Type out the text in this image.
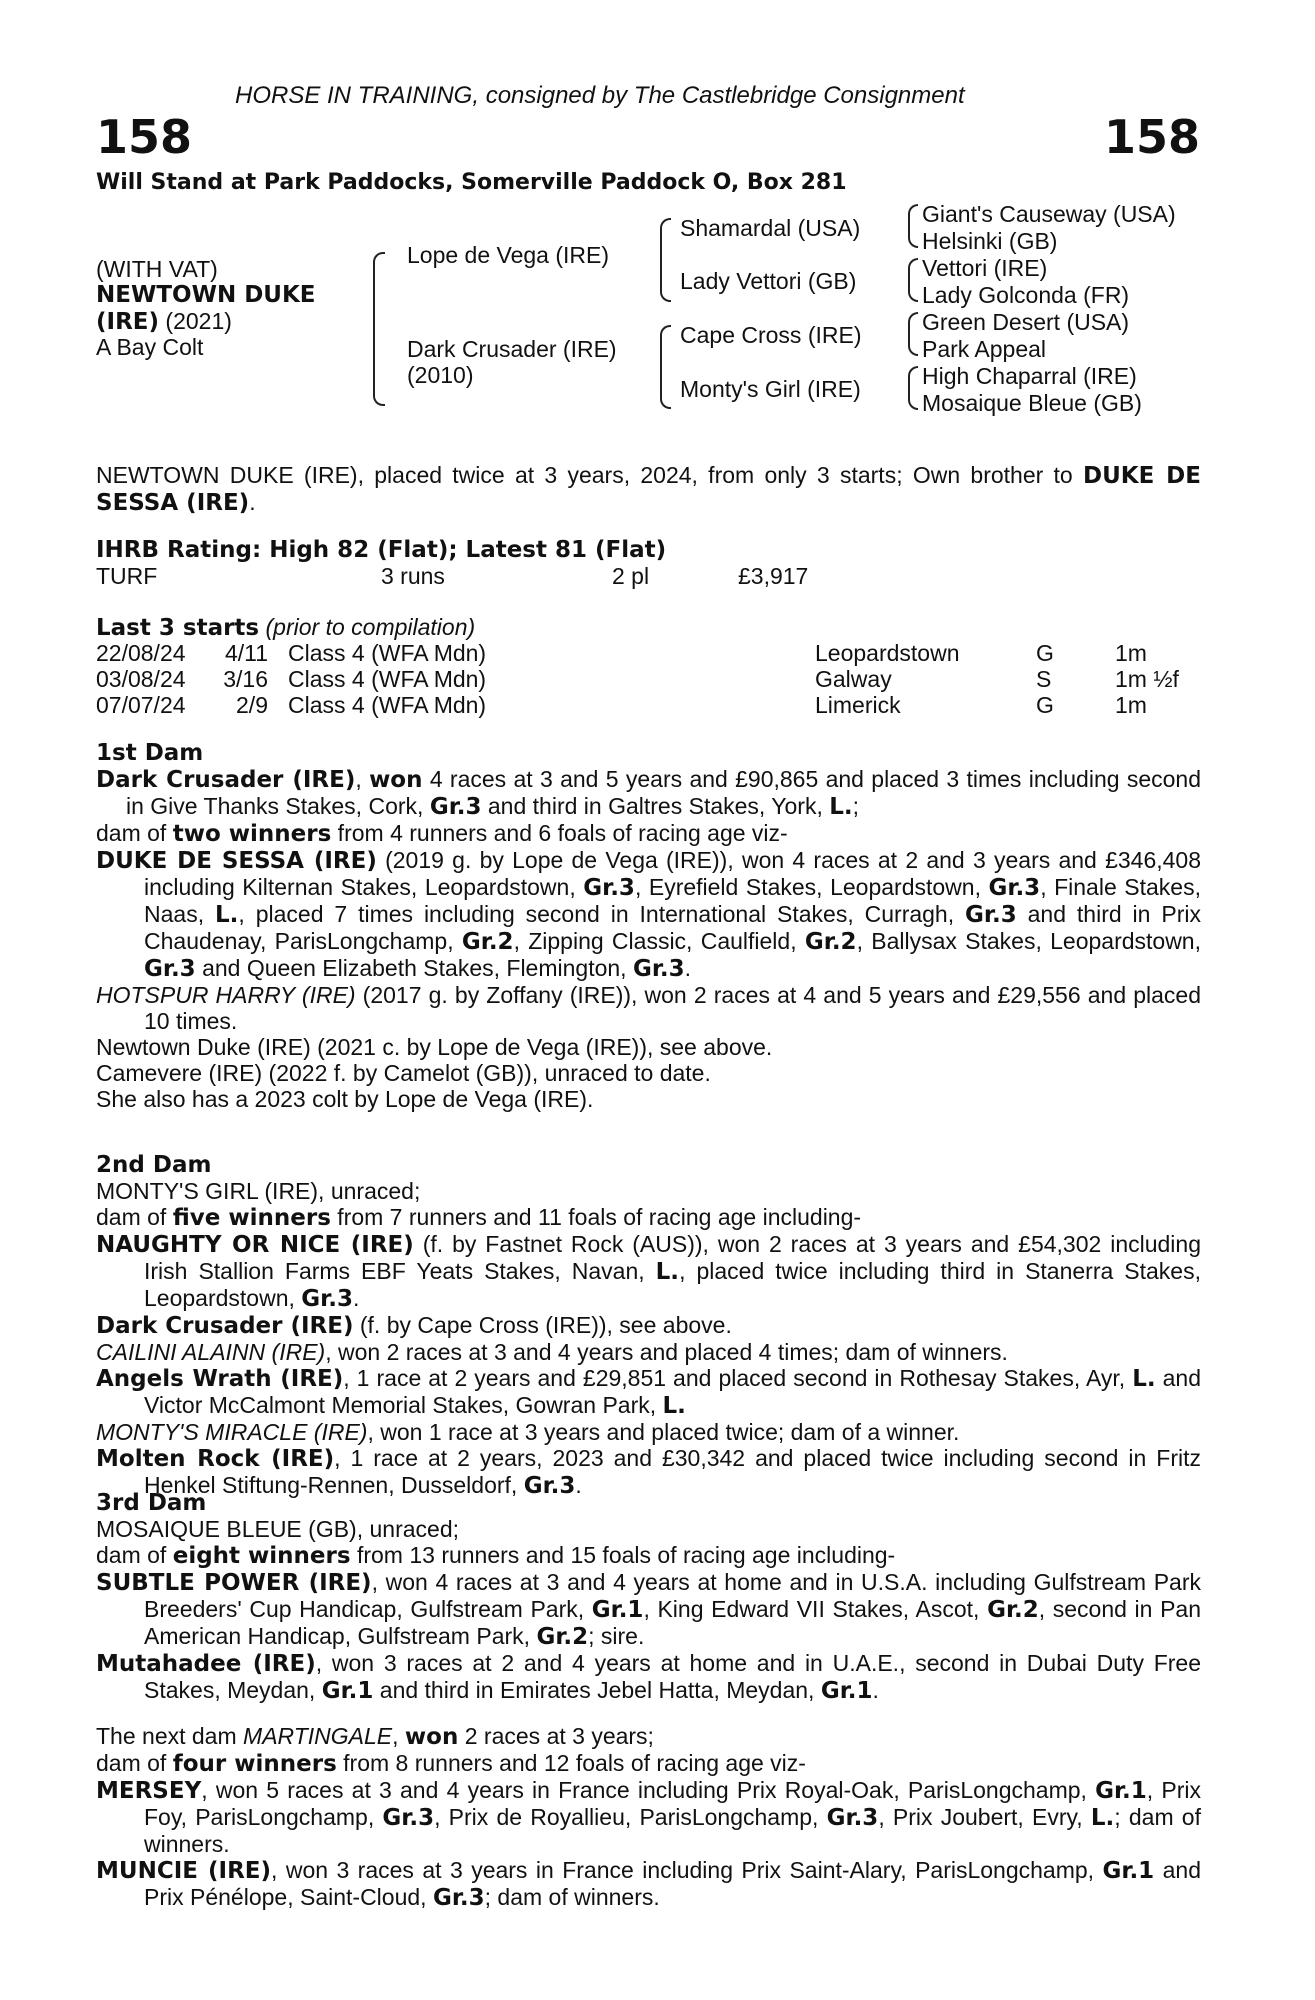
HORSE IN TRAINING, consigned by The Castlebridge Consignment
158	158
Will Stand at Park Paddocks, Somerville Paddock O, Box 281
(WITH VAT)
NEWTOWN DUKE
(IRE) (2021)
A Bay Colt
Lope de Vega (IRE)
Dark Crusader (IRE)
(2010)
Shamardal (USA)
Lady Vettori (GB)
Cape Cross (IRE)
Monty's Girl (IRE)
Giant's Causeway (USA)
Helsinki (GB)
Vettori (IRE)
Lady Golconda (FR)
Green Desert (USA)
Park Appeal
High Chaparral (IRE)
Mosaique Bleue (GB)
NEWTOWN DUKE (IRE), placed twice at 3 years, 2024, from only 3 starts; Own brother to DUKE DE SESSA (IRE).
IHRB Rating: High 82 (Flat); Latest 81 (Flat)
TURF	3 runs	2 pl	£3,917
Last 3 starts (prior to compilation)
22/08/24	4/11 Class 4 (WFA Mdn)	Leopardstown	G	1m
03/08/24	3/16 Class 4 (WFA Mdn)	Galway	S	1m ½f
07/07/24	2/9 Class 4 (WFA Mdn)	Limerick	G	1m
1st Dam
Dark Crusader (IRE), won 4 races at 3 and 5 years and £90,865 and placed 3 times including second in Give Thanks Stakes, Cork, Gr.3 and third in Galtres Stakes, York, L.;
dam of two winners from 4 runners and 6 foals of racing age viz-
DUKE DE SESSA (IRE) (2019 g. by Lope de Vega (IRE)), won 4 races at 2 and 3 years and £346,408 including Kilternan Stakes, Leopardstown, Gr.3, Eyrefield Stakes, Leopardstown, Gr.3, Finale Stakes, Naas, L., placed 7 times including second in International Stakes, Curragh, Gr.3 and third in Prix Chaudenay, ParisLongchamp, Gr.2, Zipping Classic, Caulfield, Gr.2, Ballysax Stakes, Leopardstown, Gr.3 and Queen Elizabeth Stakes, Flemington, Gr.3.
HOTSPUR HARRY (IRE) (2017 g. by Zoffany (IRE)), won 2 races at 4 and 5 years and £29,556 and placed 10 times.
Newtown Duke (IRE) (2021 c. by Lope de Vega (IRE)), see above.
Camevere (IRE) (2022 f. by Camelot (GB)), unraced to date.
She also has a 2023 colt by Lope de Vega (IRE).
2nd Dam
MONTY'S GIRL (IRE), unraced;
dam of five winners from 7 runners and 11 foals of racing age including-
NAUGHTY OR NICE (IRE) (f. by Fastnet Rock (AUS)), won 2 races at 3 years and £54,302 including Irish Stallion Farms EBF Yeats Stakes, Navan, L., placed twice including third in Stanerra Stakes, Leopardstown, Gr.3.
Dark Crusader (IRE) (f. by Cape Cross (IRE)), see above.
CAILINI ALAINN (IRE), won 2 races at 3 and 4 years and placed 4 times; dam of winners.
Angels Wrath (IRE), 1 race at 2 years and £29,851 and placed second in Rothesay Stakes, Ayr, L. and Victor McCalmont Memorial Stakes, Gowran Park, L.
MONTY'S MIRACLE (IRE), won 1 race at 3 years and placed twice; dam of a winner.
Molten Rock (IRE), 1 race at 2 years, 2023 and £30,342 and placed twice including second in Fritz Henkel Stiftung-Rennen, Dusseldorf, Gr.3.
3rd Dam
MOSAIQUE BLEUE (GB), unraced;
dam of eight winners from 13 runners and 15 foals of racing age including-
SUBTLE POWER (IRE), won 4 races at 3 and 4 years at home and in U.S.A. including Gulfstream Park Breeders' Cup Handicap, Gulfstream Park, Gr.1, King Edward VII Stakes, Ascot, Gr.2, second in Pan American Handicap, Gulfstream Park, Gr.2; sire.
Mutahadee (IRE), won 3 races at 2 and 4 years at home and in U.A.E., second in Dubai Duty Free Stakes, Meydan, Gr.1 and third in Emirates Jebel Hatta, Meydan, Gr.1.
The next dam MARTINGALE, won 2 races at 3 years;
dam of four winners from 8 runners and 12 foals of racing age viz-
MERSEY, won 5 races at 3 and 4 years in France including Prix Royal-Oak, ParisLongchamp, Gr.1, Prix Foy, ParisLongchamp, Gr.3, Prix de Royallieu, ParisLongchamp, Gr.3, Prix Joubert, Evry, L.; dam of winners.
MUNCIE (IRE), won 3 races at 3 years in France including Prix Saint-Alary, ParisLongchamp, Gr.1 and Prix Pénélope, Saint-Cloud, Gr.3; dam of winners.
